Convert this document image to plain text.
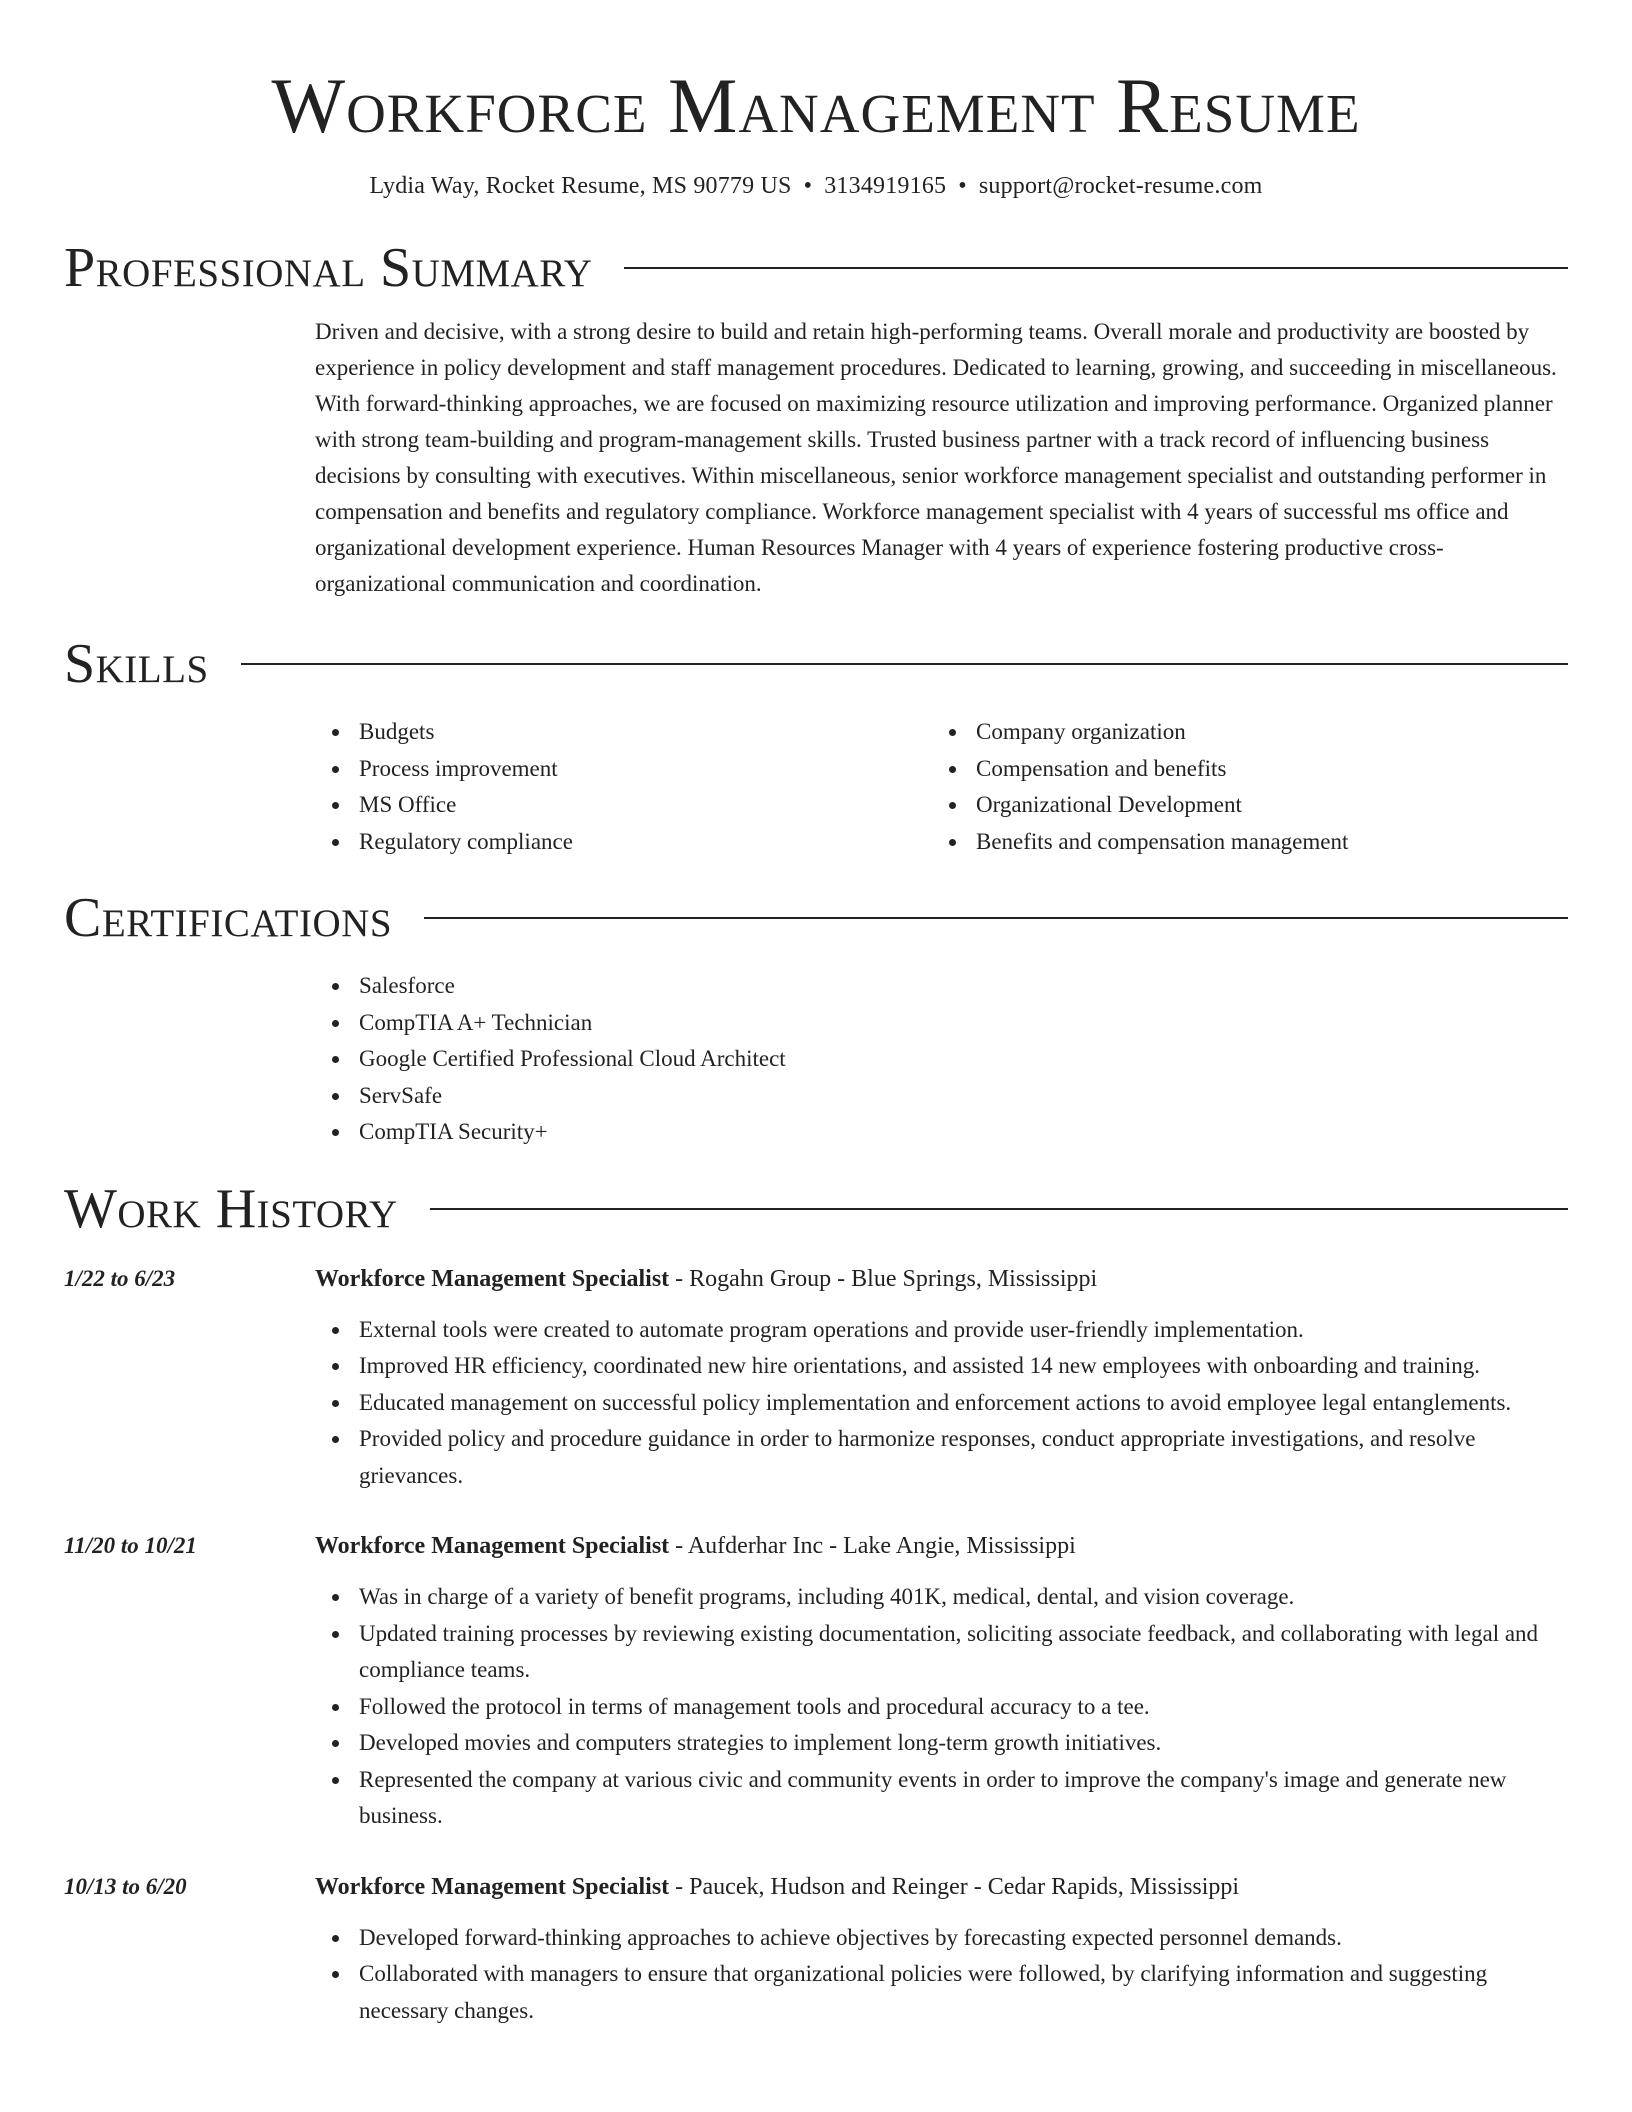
Workforce Management Resume
Lydia Way, Rocket Resume, MS 90779 US • 3134919165 • support@rocket-resume.com
Professional Summary
Driven and decisive, with a strong desire to build and retain high-performing teams. Overall morale and productivity are boosted by experience in policy development and staff management procedures. Dedicated to learning, growing, and succeeding in miscellaneous. With forward-thinking approaches, we are focused on maximizing resource utilization and improving performance. Organized planner with strong team-building and program-management skills. Trusted business partner with a track record of influencing business decisions by consulting with executives. Within miscellaneous, senior workforce management specialist and outstanding performer in compensation and benefits and regulatory compliance. Workforce management specialist with 4 years of successful ms office and organizational development experience. Human Resources Manager with 4 years of experience fostering productive cross-organizational communication and coordination.
Skills
Budgets
Process improvement
MS Office
Regulatory compliance
Company organization
Compensation and benefits
Organizational Development
Benefits and compensation management
Certifications
Salesforce
CompTIA A+ Technician
Google Certified Professional Cloud Architect
ServSafe
CompTIA Security+
Work History
1/22 to 6/23	Workforce Management Specialist - Rogahn Group - Blue Springs, Mississippi
External tools were created to automate program operations and provide user-friendly implementation.
Improved HR efficiency, coordinated new hire orientations, and assisted 14 new employees with onboarding and training.
Educated management on successful policy implementation and enforcement actions to avoid employee legal entanglements.
Provided policy and procedure guidance in order to harmonize responses, conduct appropriate investigations, and resolve grievances.
11/20 to 10/21	Workforce Management Specialist - Aufderhar Inc - Lake Angie, Mississippi
Was in charge of a variety of benefit programs, including 401K, medical, dental, and vision coverage.
Updated training processes by reviewing existing documentation, soliciting associate feedback, and collaborating with legal and compliance teams.
Followed the protocol in terms of management tools and procedural accuracy to a tee.
Developed movies and computers strategies to implement long-term growth initiatives.
Represented the company at various civic and community events in order to improve the company's image and generate new business.
10/13 to 6/20	Workforce Management Specialist - Paucek, Hudson and Reinger - Cedar Rapids, Mississippi
Developed forward-thinking approaches to achieve objectives by forecasting expected personnel demands.
Collaborated with managers to ensure that organizational policies were followed, by clarifying information and suggesting necessary changes.
